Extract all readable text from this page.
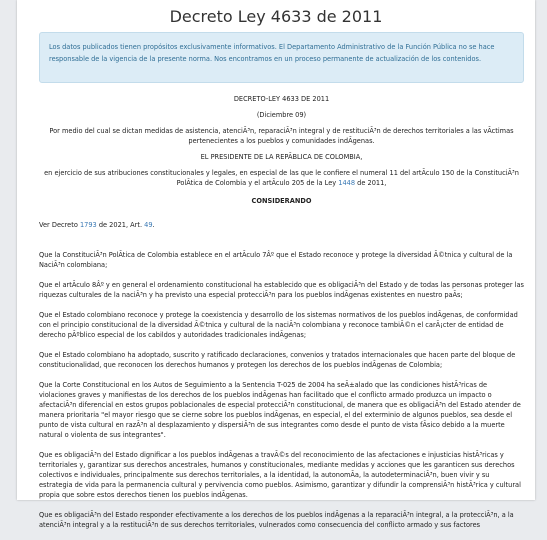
Decreto Ley 4633 de 2011
Los datos publicados tienen propósitos exclusivamente informativos. El Departamento Administrativo de la Función Pública no se hace responsable de la vigencia de la presente norma. Nos encontramos en un proceso permanente de actualización de los contenidos.

DECRETO-LEY 4633 DE 2011

(Diciembre 09)

Por medio del cual se dictan medidas de asistencia, atenciÃ³n, reparaciÃ³n integral y de restituciÃ³n de derechos territoriales a las vÃctimas pertenecientes a los pueblos y comunidades indÃgenas.

EL PRESIDENTE DE LA REPÃBLICA DE COLOMBIA,

en ejercicio de sus atribuciones constitucionales y legales, en especial de las que le confiere el numeral 11 del artÃculo 150 de la ConstituciÃ³n PolÃtica de Colombia y el artÃculo 205 de la Ley 1448 de 2011,

CONSIDERANDO

Ver Decreto 1793 de 2021, Art. 49.

Que la ConstituciÃ³n PolÃtica de Colombia establece en el artÃculo 7Âº que el Estado reconoce y protege la diversidad Ã©tnica y cultural de la NaciÃ³n colombiana;

Que el artÃculo 8Âº y en general el ordenamiento constitucional ha establecido que es obligaciÃ³n del Estado y de todas las personas proteger las riquezas culturales de la naciÃ³n y ha previsto una especial protecciÃ³n para los pueblos indÃgenas existentes en nuestro paÃs;

Que el Estado colombiano reconoce y protege la coexistencia y desarrollo de los sistemas normativos de los pueblos indÃgenas, de conformidad con el principio constitucional de la diversidad Ã©tnica y cultural de la naciÃ³n colombiana y reconoce tambiÃ©n el carÃ¡cter de entidad de derecho pÃºblico especial de los cabildos y autoridades tradicionales indÃgenas;

Que el Estado colombiano ha adoptado, suscrito y ratificado declaraciones, convenios y tratados internacionales que hacen parte del bloque de constitucionalidad, que reconocen los derechos humanos y protegen los derechos de los pueblos indÃgenas de Colombia;

Que la Corte Constitucional en los Autos de Seguimiento a la Sentencia T-025 de 2004 ha seÃ±alado que las condiciones histÃ³ricas de violaciones graves y manifiestas de los derechos de los pueblos indÃgenas han facilitado que el conflicto armado produzca un impacto o afectaciÃ³n diferencial en estos grupos poblacionales de especial protecciÃ³n constitucional, de manera que es obligaciÃ³n del Estado atender de manera prioritaria "el mayor riesgo que se cierne sobre los pueblos indÃgenas, en especial, el del exterminio de algunos pueblos, sea desde el punto de vista cultural en razÃ³n al desplazamiento y dispersiÃ³n de sus integrantes como desde el punto de vista fÃsico debido a la muerte natural o violenta de sus integrantes".

Que es obligaciÃ³n del Estado dignificar a los pueblos indÃgenas a travÃ©s del reconocimiento de las afectaciones e injusticias histÃ³ricas y territoriales y, garantizar sus derechos ancestrales, humanos y constitucionales, mediante medidas y acciones que les garanticen sus derechos colectivos e individuales, principalmente sus derechos territoriales, a la identidad, la autonomÃa, la autodeterminaciÃ³n, buen vivir y su estrategia de vida para la permanencia cultural y pervivencia como pueblos. Asimismo, garantizar y difundir la comprensiÃ³n histÃ³rica y cultural propia que sobre estos derechos tienen los pueblos indÃgenas.

Que es obligaciÃ³n del Estado responder efectivamente a los derechos de los pueblos indÃgenas a la reparaciÃ³n integral, a la protecciÃ³n, a la atenciÃ³n integral y a la restituciÃ³n de sus derechos territoriales, vulnerados como consecuencia del conflicto armado y sus factores
